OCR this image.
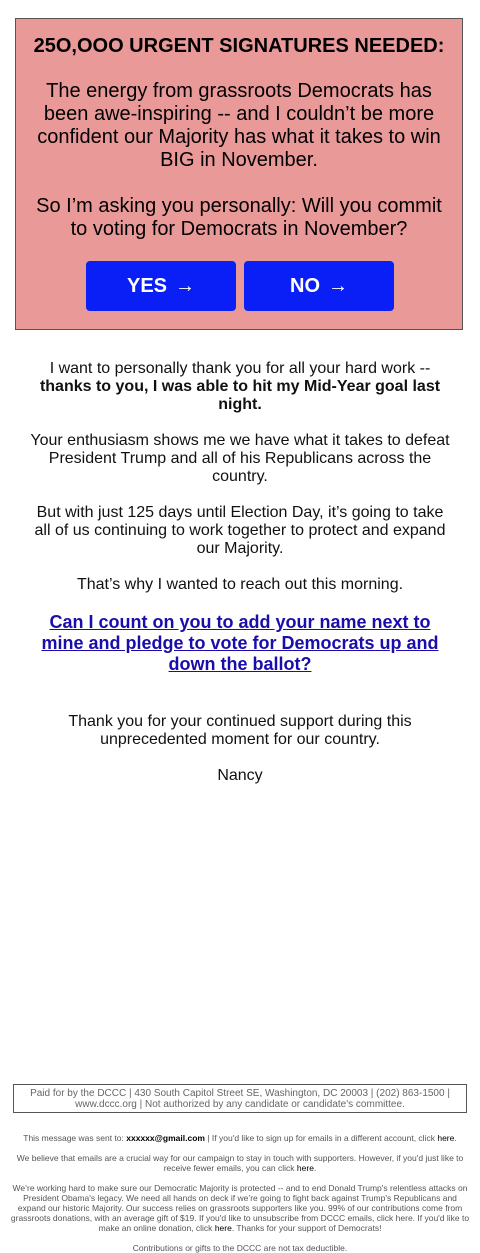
25O,OOO URGENT SIGNATURES NEEDED:
The energy from grassroots Democrats has been awe-inspiring -- and I couldn’t be more confident our Majority has what it takes to win BIG in November.
So I’m asking you personally: Will you commit to voting for Democrats in November?
YES →	NO →
I want to personally thank you for all your hard work --
thanks to you, I was able to hit my Mid-Year goal last night.
Your enthusiasm shows me we have what it takes to defeat President Trump and all of his Republicans across the country.
But with just 125 days until Election Day, it’s going to take all of us continuing to work together to protect and expand our Majority.
That’s why I wanted to reach out this morning.
Can I count on you to add your name next to mine and pledge to vote for Democrats up and down the ballot?
Thank you for your continued support during this unprecedented moment for our country.
Nancy
Paid for by the DCCC | 430 South Capitol Street SE, Washington, DC 20003 | (202) 863-1500 | www.dccc.org | Not authorized by any candidate or candidate's committee.
This message was sent to: xxxxxx@gmail.com | If you'd like to sign up for emails in a different account, click here.
We believe that emails are a crucial way for our campaign to stay in touch with supporters. However, if you'd just like to receive fewer emails, you can click here.
We’re working hard to make sure our Democratic Majority is protected -- and to end Donald Trump's relentless attacks on President Obama's legacy. We need all hands on deck if we’re going to fight back against Trump's Republicans and expand our historic Majority. Our success relies on grassroots supporters like you. 99% of our contributions come from grassroots donations, with an average gift of $19. If you'd like to unsubscribe from DCCC emails, click here. If you'd like to make an online donation, click here. Thanks for your support of Democrats!
Contributions or gifts to the DCCC are not tax deductible.
